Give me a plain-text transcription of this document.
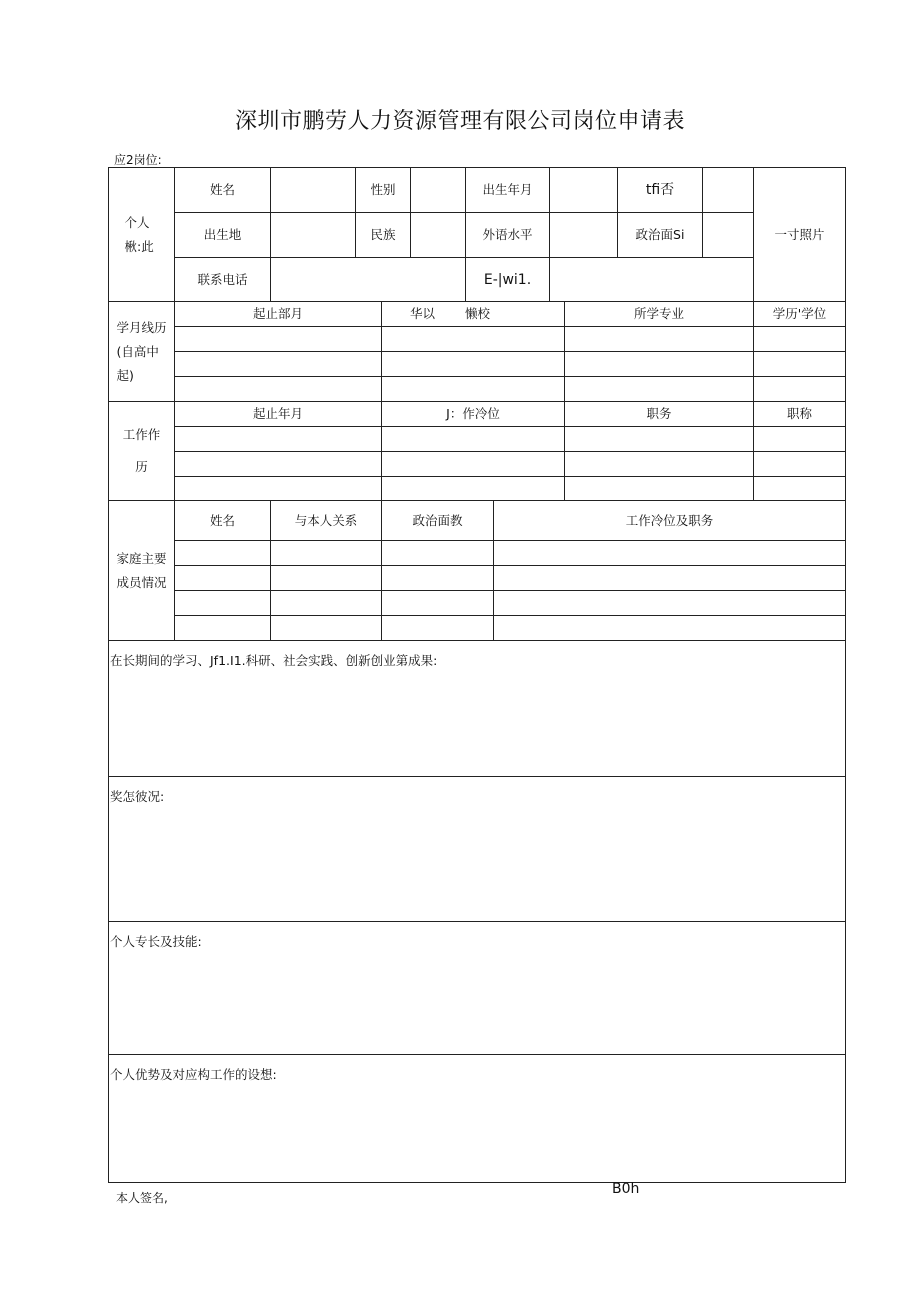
深圳市鹏劳人力资源管理有限公司岗位申请表
应2岗位:
个人楸:此
姓名	性别	出生年月	tfi否
出生地	民族	外语水平	政治面Si
联系电话	E-|wi1.
一寸照片
学月线历(自高中起)
起止部月	华以 懒校	所学专业	学历'学位
工作作历
起止年月	J：作冷位	职务	职称
家庭主要成员情况
姓名	与本人关系	政治面教	工作冷位及职务
在长期间的学习、Jf1.I1.科研、社会实践、创新创业第成果:
奖怎彼况:
个人专长及技能:
个人优势及对应构工作的设想:
本人签名,
B0h
